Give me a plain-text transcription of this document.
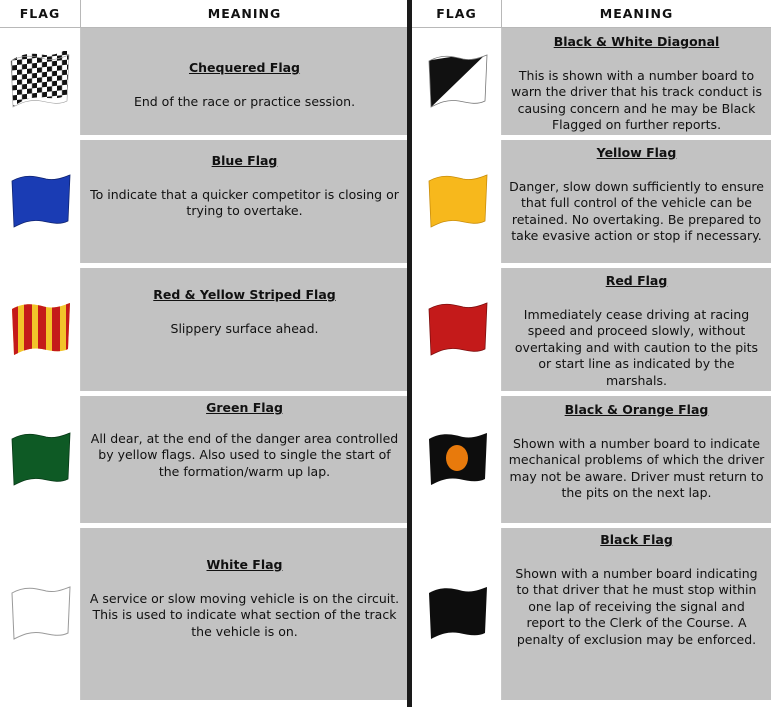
FLAG	MEANING
Chequered Flag
End of the race or practice session.
Blue Flag
To indicate that a quicker competitor is closing or trying to overtake.
Red & Yellow Striped Flag
Slippery surface ahead.
Green Flag
All dear, at the end of the danger area controlled by yellow flags. Also used to single the start of the formation/warm up lap.
White Flag
A service or slow moving vehicle is on the circuit. This is used to indicate what section of the track the vehicle is on.
FLAG	MEANING
Black & White Diagonal
This is shown with a number board to warn the driver that his track conduct is causing concern and he may be Black Flagged on further reports.
Yellow Flag
Danger, slow down sufficiently to ensure that full control of the vehicle can be retained. No overtaking. Be prepared to take evasive action or stop if necessary.
Red Flag
Immediately cease driving at racing speed and proceed slowly, without overtaking and with caution to the pits or start line as indicated by the marshals.
Black & Orange Flag
Shown with a number board to indicate mechanical problems of which the driver may not be aware. Driver must return to the pits on the next lap.
Black Flag
Shown with a number board indicating to that driver that he must stop within one lap of receiving the signal and report to the Clerk of the Course. A penalty of exclusion may be enforced.
